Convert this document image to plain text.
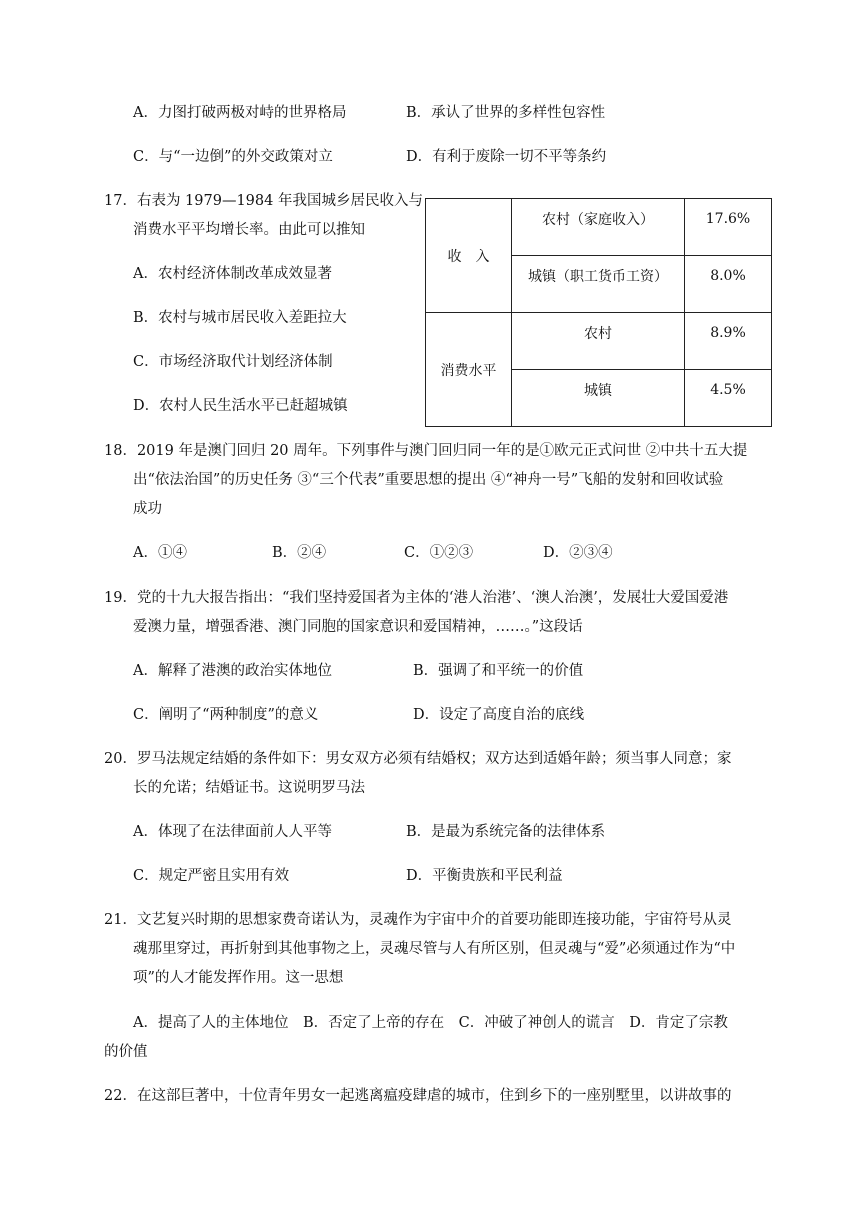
A．力图打破两极对峙的世界格局	B．承认了世界的多样性包容性
C．与“一边倒”的外交政策对立	D．有利于废除一切不平等条约
17．右表为 1979—1984 年我国城乡居民收入与
消费水平平均增长率。由此可以推知
A．农村经济体制改革成效显著
B．农村与城市居民收入差距拉大
C．市场经济取代计划经济体制
D．农村人民生活水平已赶超城镇
收　入	农村（家庭收入）	17.6%
	城镇（职工货币工资）	8.0%
消费水平	农村	8.9%
	城镇	4.5%
18．2019 年是澳门回归 20 周年。下列事件与澳门回归同一年的是①欧元正式问世 ②中共十五大提
出“依法治国”的历史任务 ③“三个代表”重要思想的提出 ④“神舟一号”飞船的发射和回收试验
成功
A．①④	B．②④	C．①②③	D．②③④
19．党的十九大报告指出：“我们坚持爱国者为主体的‘港人治港’、‘澳人治澳’，发展壮大爱国爱港
爱澳力量，增强香港、澳门同胞的国家意识和爱国精神，……。”这段话
A．解释了港澳的政治实体地位	B．强调了和平统一的价值
C．阐明了“两种制度”的意义	D．设定了高度自治的底线
20．罗马法规定结婚的条件如下：男女双方必须有结婚权；双方达到适婚年龄；须当事人同意；家
长的允诺；结婚证书。这说明罗马法
A．体现了在法律面前人人平等	B．是最为系统完备的法律体系
C．规定严密且实用有效	D．平衡贵族和平民利益
21．文艺复兴时期的思想家费奇诺认为，灵魂作为宇宙中介的首要功能即连接功能，宇宙符号从灵
魂那里穿过，再折射到其他事物之上，灵魂尽管与人有所区别，但灵魂与“爱”必须通过作为“中
项”的人才能发挥作用。这一思想
A．提高了人的主体地位　B．否定了上帝的存在　C．冲破了神创人的谎言　D．肯定了宗教
的价值
22．在这部巨著中，十位青年男女一起逃离瘟疫肆虐的城市，住到乡下的一座别墅里，以讲故事的
